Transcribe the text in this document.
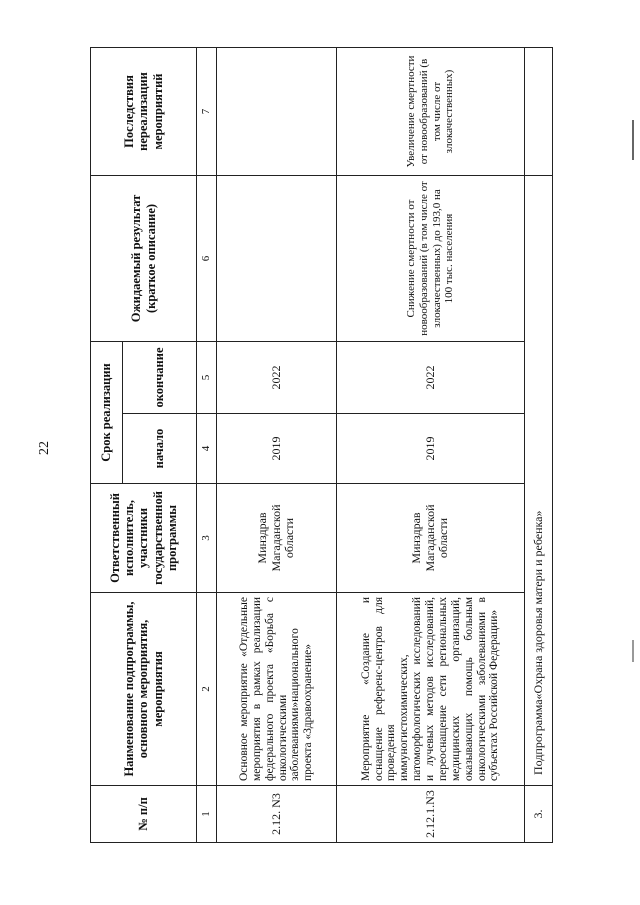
22
№ п/п	Наименование подпрограммы, основного мероприятия, мероприятия	Ответственный исполнитель, участники государственной программы	Срок реализации		Ожидаемый результат (краткое описание)	Последствия нереализации мероприятий
			начало	окончание		
1	2	3	4	5	6	7
2.12. N3	Основное мероприятие «Отдельные мероприятия в рамках реализации федерального проекта «Борьба с онкологическими заболеваниями»национального проекта «Здравоохранение»	Минздрав Магаданской области	2019	2022		
2.12.1.N3	Мероприятие «Создание и оснащение референс-центров для проведения иммуногистохимических, патоморфологических исследований и лучевых методов исследований, переоснащение сети региональных медицинских организаций, оказывающих помощь больным онкологическими заболеваниями в субъектах Российской Федерации»	Минздрав Магаданской области	2019	2022	Снижение смертности от новообразований (в том числе от злокачественных) до 193,0 на 100 тыс. населения	Увеличение смертности от новообразований (в том числе от злокачественных)
3.	Подпрограмма«Охрана здоровья матери и ребенка»					
